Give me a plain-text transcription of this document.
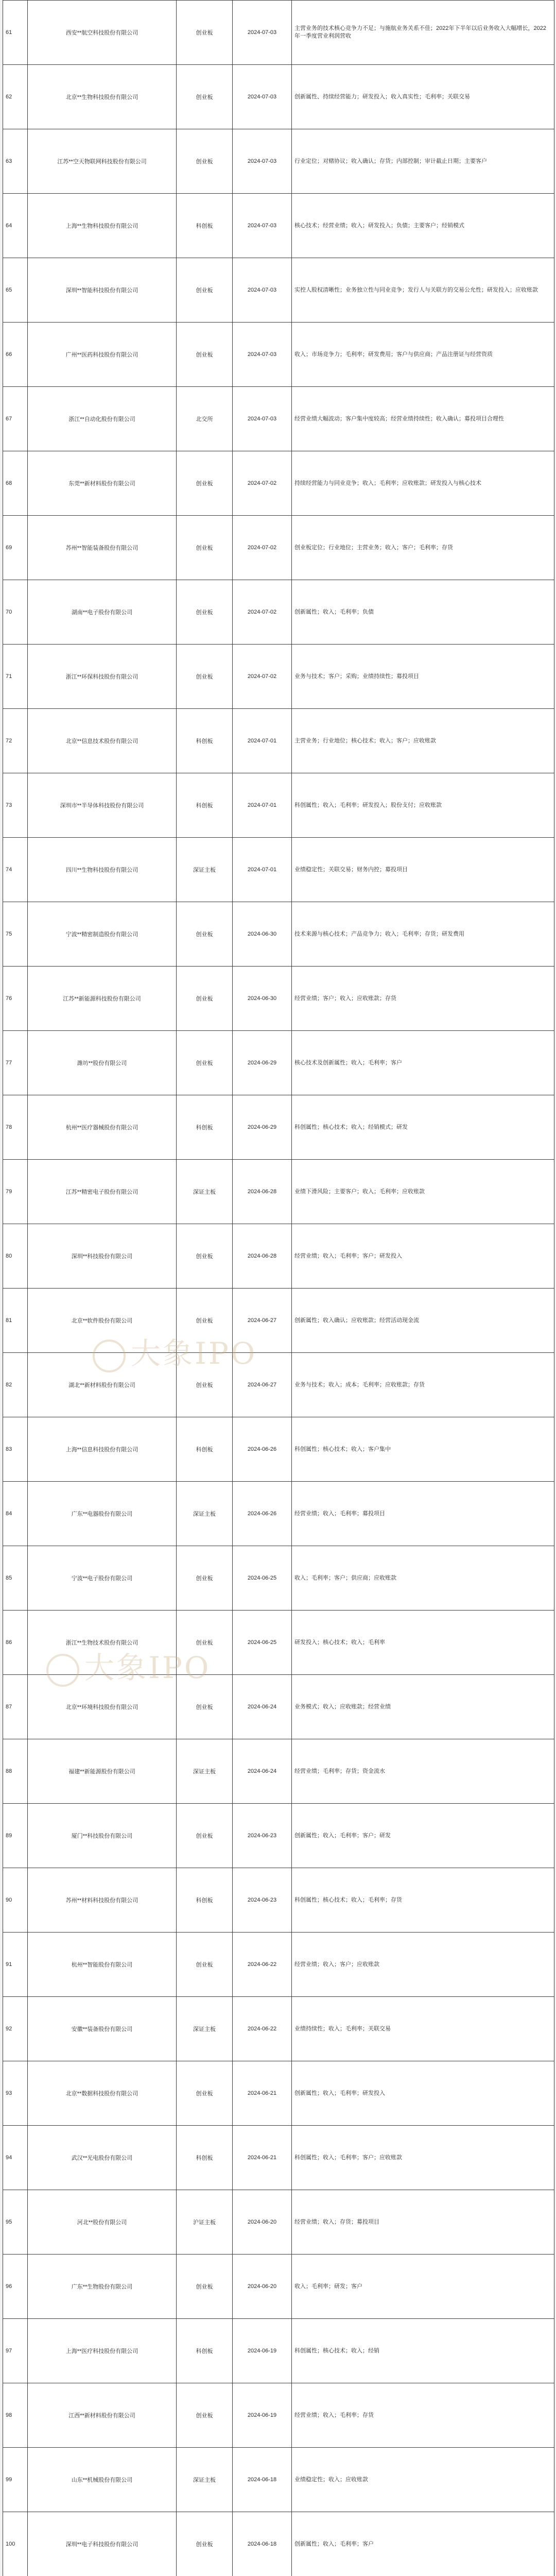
61	西安**航空科技股份有限公司	创业板	2024-07-03	主营业务的技术核心竞争力不足；与施航业务关系不佳；2022年下半年以后业务收入大幅增长，2022年一季度营业利润营收
62	北京**生物科技股份有限公司	创业板	2024-07-03	创新属性、持续经营能力；研发投入；收入真实性；毛利率；关联交易
63	江苏**空天物联网科技股份有限公司	创业板	2024-07-03	行业定位；对赌协议；收入确认；存货；内部控制；审计截止日期；主要客户
64	上海**生物科技股份有限公司	科创板	2024-07-03	核心技术；经营业绩；收入；研发投入；负债；主要客户；经销模式
65	深圳**智能科技股份有限公司	创业板	2024-07-03	实控人股权清晰性；业务独立性与同业竞争；发行人与关联方的交易公允性；研发投入；应收账款
66	广州**医药科技股份有限公司	创业板	2024-07-03	收入；市场竞争力；毛利率；研发费用；客户与供应商；产品注册证与经营资质
67	浙江**自动化股份有限公司	北交所	2024-07-03	经营业绩大幅波动；客户集中度较高；经营业绩持续性；收入确认；募投项目合理性
68	东莞**新材料股份有限公司	创业板	2024-07-02	持续经营能力与同业竞争；收入；毛利率；应收账款；研发投入与核心技术
69	苏州**智能装备股份有限公司	创业板	2024-07-02	创业板定位；行业地位；主营业务；收入；客户；毛利率；存货
70	湖南**电子股份有限公司	创业板	2024-07-02	创新属性；收入；毛利率；负债
71	浙江**环保科技股份有限公司	创业板	2024-07-02	业务与技术；客户；采购；业绩持续性；募投项目
72	北京**信息技术股份有限公司	科创板	2024-07-01	主营业务；行业地位；核心技术；收入；客户；应收账款
73	深圳市**半导体科技股份有限公司	科创板	2024-07-01	科创属性；收入；毛利率；研发投入；股份支付；应收账款
74	四川**生物科技股份有限公司	深证主板	2024-07-01	业绩稳定性；关联交易；财务内控；募投项目
75	宁波**精密制造股份有限公司	创业板	2024-06-30	技术来源与核心技术；产品竞争力；收入；毛利率；存货；研发费用
76	江苏**新能源科技股份有限公司	创业板	2024-06-30	经营业绩；客户；收入；应收账款；存货
77	潍坊**股份有限公司	创业板	2024-06-29	核心技术及创新属性；收入；毛利率；客户
78	杭州**医疗器械股份有限公司	科创板	2024-06-29	科创属性；核心技术；收入；经销模式；研发
79	江苏**精密电子股份有限公司	深证主板	2024-06-28	业绩下滑风险；主要客户；收入；毛利率；应收账款
80	深圳**科技股份有限公司	创业板	2024-06-28	经营业绩；收入；毛利率；客户；研发投入
81	北京**软件股份有限公司	创业板	2024-06-27	创新属性；收入确认；应收账款；经营活动现金流
82	湖北**新材料股份有限公司	创业板	2024-06-27	业务与技术；收入；成本；毛利率；应收账款；存货
83	上海**信息科技股份有限公司	科创板	2024-06-26	科创属性；核心技术；收入；客户集中
84	广东**电器股份有限公司	深证主板	2024-06-26	经营业绩；收入；毛利率；募投项目
85	宁波**电子股份有限公司	创业板	2024-06-25	收入；毛利率；客户；供应商；应收账款
86	浙江**生物技术股份有限公司	创业板	2024-06-25	研发投入；核心技术；收入；毛利率
87	北京**环境科技股份有限公司	创业板	2024-06-24	业务模式；收入；应收账款；经营业绩
88	福建**新能源股份有限公司	深证主板	2024-06-24	经营业绩；毛利率；存货；资金流水
89	厦门**科技股份有限公司	创业板	2024-06-23	创新属性；收入；毛利率；客户；研发
90	苏州**材料科技股份有限公司	科创板	2024-06-23	科创属性；核心技术；收入；毛利率；存货
91	杭州**智能股份有限公司	创业板	2024-06-22	经营业绩；收入；客户；应收账款
92	安徽**装备股份有限公司	深证主板	2024-06-22	业绩持续性；收入；毛利率；关联交易
93	北京**数据科技股份有限公司	创业板	2024-06-21	创新属性；收入；毛利率；研发投入
94	武汉**光电股份有限公司	科创板	2024-06-21	科创属性；收入；毛利率；客户；应收账款
95	河北**股份有限公司	沪证主板	2024-06-20	经营业绩；收入；存货；募投项目
96	广东**生物股份有限公司	创业板	2024-06-20	收入；毛利率；研发；客户
97	上海**医疗科技股份有限公司	科创板	2024-06-19	科创属性；核心技术；收入；经销
98	江西**新材料股份有限公司	创业板	2024-06-19	经营业绩；收入；毛利率；存货
99	山东**机械股份有限公司	深证主板	2024-06-18	业绩稳定性；收入；应收账款
100	深圳**电子科技股份有限公司	创业板	2024-06-18	创新属性；收入；毛利率；客户

大象IPO
大象IPO
